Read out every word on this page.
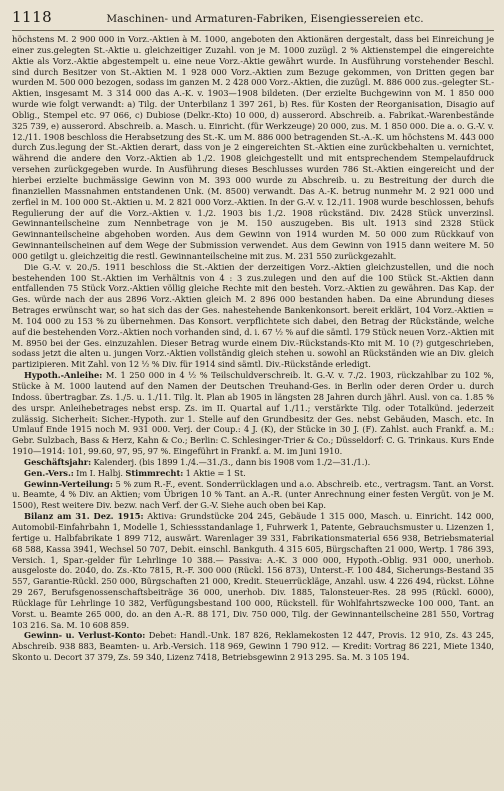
1118	Maschinen- und Armaturen-Fabriken, Eisengiessereien etc.

höchstens M. 2 900 000 in Vorz.-Aktien à M. 1000, angeboten den Aktionären dergestalt, dass bei Einreichung je einer zus.gelegten St.-Aktie u. gleichzeitiger Zuzahl. von je M. 1000 zuzügl. 2 % Aktienstempel die eingereichte Aktie als Vorz.-Aktie abgestempelt u. eine neue Vorz.-Aktie gewährt wurde. In Ausführung vorstehender Beschl. sind durch Besitzer von St.-Aktien M. 1 928 000 Vorz.-Aktien zum Bezuge gekommen, von Dritten gegen bar wurden M. 500 000 bezogen, sodass im ganzen M. 2 428 000 Vorz.-Aktien, die zuzügl. M. 886 000 zus.-gelegter St.-Aktien, insgesamt M. 3 314 000 das A.-K. v. 1903—1908 bildeten. (Der erzielte Buchgewinn von M. 1 850 000 wurde wie folgt verwandt: a) Tilg. der Unterbilanz 1 397 261, b) Res. für Kosten der Reorganisation, Disagio auf Oblig., Stempel etc. 97 066, c) Dubiose (Delkr.-Kto) 10 000, d) ausserord. Abschreib. a. Fabrikat.-Warenbestände 325 739, e) ausserord. Abschreib. a. Masch. u. Einricht. (für Werkzeuge) 20 000, zus. M. 1 850 000. Die a. o. G.-V. v. 12./11. 1908 beschloss die Herabsetzung des St.-K. um M. 886 000 betragenden St.-A.-K. um höchstens M. 443 000 durch Zus.legung der St.-Aktien derart, dass von je 2 eingereichten St.-Aktien eine zurückbehalten u. vernichtet, während die andere den Vorz.-Aktien ab 1./2. 1908 gleichgestellt und mit entsprechendem Stempelaufdruck versehen zurückgegeben wurde. In Ausführung dieses Beschlusses wurden 786 St.-Aktien eingereicht und der hierbei erzielte buchmässige Gewinn von M. 393 000 wurde zu Abschreib. u. zu Bestreitung der durch die finanziellen Massnahmen entstandenen Unk. (M. 8500) verwandt. Das A.-K. betrug nunmehr M. 2 921 000 und zerfiel in M. 100 000 St.-Aktien u. M. 2 821 000 Vorz.-Aktien. In der G.-V. v. 12./11. 1908 wurde beschlossen, behufs Regulierung der auf die Vorz.-Aktien v. 1./2. 1903 bis 1./2. 1908 rückständ. Div. 2428 Stück unverzinsl. Gewinnanteilscheine zum Nennbetrage von je M. 150 auszugeben. Bis ult. 1913 sind 2328 Stück Gewinnanteilscheine abgehoben worden. Aus dem Gewinn von 1914 wurden M. 50 000 zum Rückkauf von Gewinnanteilscheinen auf dem Wege der Submission verwendet. Aus dem Gewinn von 1915 dann weitere M. 50 000 getilgt u. gleichzeitig die restl. Gewinnanteilscheine mit zus. M. 231 550 zurückgezahlt.

Die G.-V. v. 20./5. 1911 beschloss die St.-Aktien der derzeitigen Vorz.-Aktien gleichzustellen, und die noch bestehenden 100 St.-Aktien im Verhältnis von 4 : 3 zus.zulegen und den auf die 100 Stück St.-Aktien dann entfallenden 75 Stück Vorz.-Aktien völlig gleiche Rechte mit den besteh. Vorz.-Aktien zu gewähren. Das Kap. der Ges. würde nach der aus 2896 Vorz.-Aktien gleich M. 2 896 000 bestanden haben. Da eine Abrundung dieses Betrages erwünscht war, so hat sich das der Ges. nahestehende Bankenkonsort. bereit erklärt, 104 Vorz.-Aktien = M. 104 000 zu 153 % zu übernehmen. Das Konsort. verpflichtete sich dabei, den Betrag der Rückstände, welche auf die bestehenden Vorz.-Aktien noch vorhanden sind, d. i. 67 ½ % auf die sämtl. 179 Stück neuen Vorz.-Aktien mit M. 8950 bei der Ges. einzuzahlen. Dieser Betrag wurde einem Div.-Rückstands-Kto mit M. 10 (?) gutgeschrieben, sodass jetzt die alten u. jungen Vorz.-Aktien vollständig gleich stehen u. sowohl an Rückständen wie an Div. gleich partizipieren. Mit Zahl. von 12 ½ % Div. für 1914 sind sämtl. Div.-Rückstände erledigt.

Hypoth.-Anleihe: M. 1 250 000 in 4 ½ % Teilschuldverschreib. lt. G.-V. v. 7./2. 1903, rückzahlbar zu 102 %, Stücke à M. 1000 lautend auf den Namen der Deutschen Treuhand-Ges. in Berlin oder deren Order u. durch Indoss. übertragbar. Zs. 1./5. u. 1./11. Tilg. lt. Plan ab 1905 in längsten 28 Jahren durch jährl. Ausl. von ca. 1.85 % des urspr. Anleihebetrages nebst ersp. Zs. im II. Quartal auf 1./11.; verstärkte Tilg. oder Totalkünd. jederzeit zulässig. Sicherheit: Sicher.-Hypoth. zur 1. Stelle auf den Grundbesitz der Ges. nebst Gebäuden, Masch. etc. In Umlauf Ende 1915 noch M. 931 000. Verj. der Coup.: 4 J. (K), der Stücke in 30 J. (F). Zahlst. auch Frankf. a. M.: Gebr. Sulzbach, Bass & Herz, Kahn & Co.; Berlin: C. Schlesinger-Trier & Co.; Düsseldorf: C. G. Trinkaus. Kurs Ende 1910—1914: 101, 99.60, 97, 95, 97 %. Eingeführt in Frankf. a. M. im Juni 1910.

Geschäftsjahr: Kalenderj. (bis 1899 1./4.—31./3., dann bis 1908 vom 1./2—31./1.).

Gen.-Vers.: Im I. Halbj. Stimmrecht: 1 Aktie = 1 St.

Gewinn-Verteilung: 5 % zum R.-F., event. Sonderrücklagen und a.o. Abschreib. etc., vertragsm. Tant. an Vorst. u. Beamte, 4 % Div. an Aktien; vom Übrigen 10 % Tant. an A.-R. (unter Anrechnung einer festen Vergüt. von je M. 1500), Rest weitere Div. bezw. nach Verf. der G.-V. Siehe auch oben bei Kap.

Bilanz am 31. Dez. 1915: Aktiva: Grundstücke 204 245, Gebäude 1 315 000, Masch. u. Einricht. 142 000, Automobil-Einfahrbahn 1, Modelle 1, Schiessstandanlage 1, Fuhrwerk 1, Patente, Gebrauchsmuster u. Lizenzen 1, fertige u. Halbfabrikate 1 899 712, auswärt. Warenlager 39 331, Fabrikationsmaterial 656 938, Betriebsmaterial 68 588, Kassa 3941, Wechsel 50 707, Debit. einschl. Bankguth. 4 315 605, Bürgschaften 21 000, Wertp. 1 786 393, Versich. 1, Spar.-gelder für Lehrlinge 10 388.— Passiva: A.-K. 3 000 000, Hypoth.-Oblig. 931 000, unerhob. ausgeloste do. 2040, do. Zs.-Kto 7815, R.-F. 300 000 (Rückl. 156 873), Unterst.-F. 100 484, Sicherungs-Bestand 35 557, Garantie-Rückl. 250 000, Bürgschaften 21 000, Kredit. Steuerrückläge, Anzahl. usw. 4 226 494, rückst. Löhne 29 267, Berufsgenossenschaftsbeiträge 36 000, unerhob. Div. 1885, Talonsteuer-Res. 28 995 (Rückl. 6000), Rücklage für Lehrlinge 10 382, Verfügungsbestand 100 000, Rückstell. für Wohlfahrtszwecke 100 000, Tant. an Vorst. u. Beamte 265 000, do. an den A.-R. 88 171, Div. 750 000, Tilg. der Gewinnanteilscheine 281 550, Vortrag 103 216. Sa. M. 10 608 859.

Gewinn- u. Verlust-Konto: Debet: Handl.-Unk. 187 826, Reklamekosten 12 447, Provis. 12 910, Zs. 43 245, Abschreib. 938 883, Beamten- u. Arb.-Versich. 118 969, Gewinn 1 790 912. — Kredit: Vortrag 86 221, Miete 1340, Skonto u. Decort 37 379, Zs. 59 340, Lizenz 7418, Betriebsgewinn 2 913 295. Sa. M. 3 105 194.
